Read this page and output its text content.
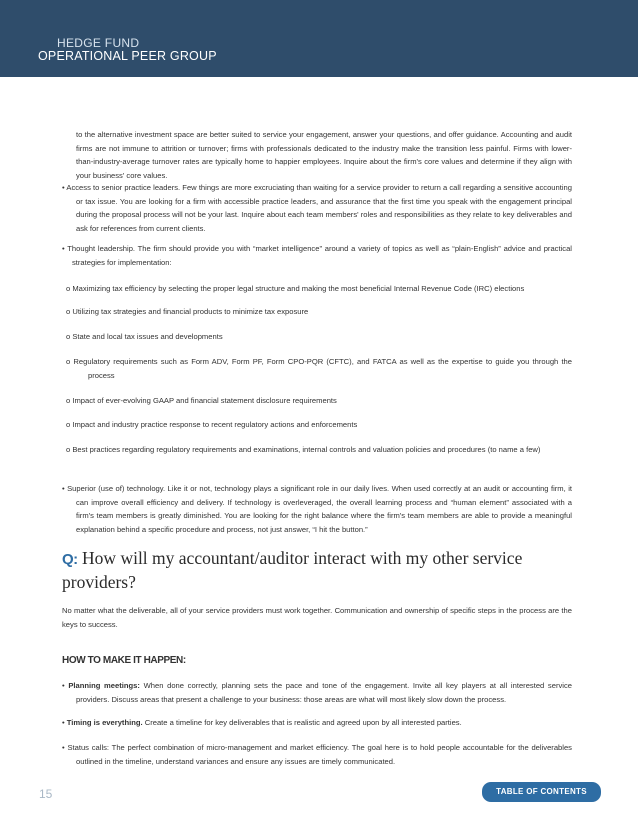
HEDGE FUND
OPERATIONAL PEER GROUP
to the alternative investment space are better suited to service your engagement, answer your questions, and offer guidance. Accounting and audit firms are not immune to attrition or turnover; firms with professionals dedicated to the industry make the transition less painful. Firms with lower-than-industry-average turnover rates are typically home to happier employees. Inquire about the firm's core values and determine if they align with your business' core values.
• Access to senior practice leaders. Few things are more excruciating than waiting for a service provider to return a call regarding a sensitive accounting or tax issue. You are looking for a firm with accessible practice leaders, and assurance that the first time you speak with the engagement principal during the proposal process will not be your last. Inquire about each team members' roles and responsibilities as they relate to key deliverables and ask for references from current clients.
• Thought leadership. The firm should provide you with “market intelligence” around a variety of topics as well as “plain-English” advice and practical strategies for implementation:
o Maximizing tax efficiency by selecting the proper legal structure and making the most beneficial Internal Revenue Code (IRC) elections
o Utilizing tax strategies and financial products to minimize tax exposure
o State and local tax issues and developments
o Regulatory requirements such as Form ADV, Form PF, Form CPO-PQR (CFTC), and FATCA as well as the expertise to guide you through the process
o Impact of ever-evolving GAAP and financial statement disclosure requirements
o Impact and industry practice response to recent regulatory actions and enforcements
o Best practices regarding regulatory requirements and examinations, internal controls and valuation policies and procedures (to name a few)
• Superior (use of) technology. Like it or not, technology plays a significant role in our daily lives. When used correctly at an audit or accounting firm, it can improve overall efficiency and delivery. If technology is overleveraged, the overall learning process and “human element” associated with a firm's team members is greatly diminished. You are looking for the right balance where the firm's team members are able to provide a meaningful explanation behind a specific procedure and process, not just answer, “I hit the button.”
Q: How will my accountant/auditor interact with my other service providers?
No matter what the deliverable, all of your service providers must work together. Communication and ownership of specific steps in the process are the keys to success.
HOW TO MAKE IT HAPPEN:
• Planning meetings: When done correctly, planning sets the pace and tone of the engagement. Invite all key players at all interested service providers. Discuss areas that present a challenge to your business: those areas are what will most likely slow down the process.
• Timing is everything. Create a timeline for key deliverables that is realistic and agreed upon by all interested parties.
• Status calls: The perfect combination of micro-management and market efficiency. The goal here is to hold people accountable for the deliverables outlined in the timeline, understand variances and ensure any issues are timely communicated.
15	TABLE OF CONTENTS
